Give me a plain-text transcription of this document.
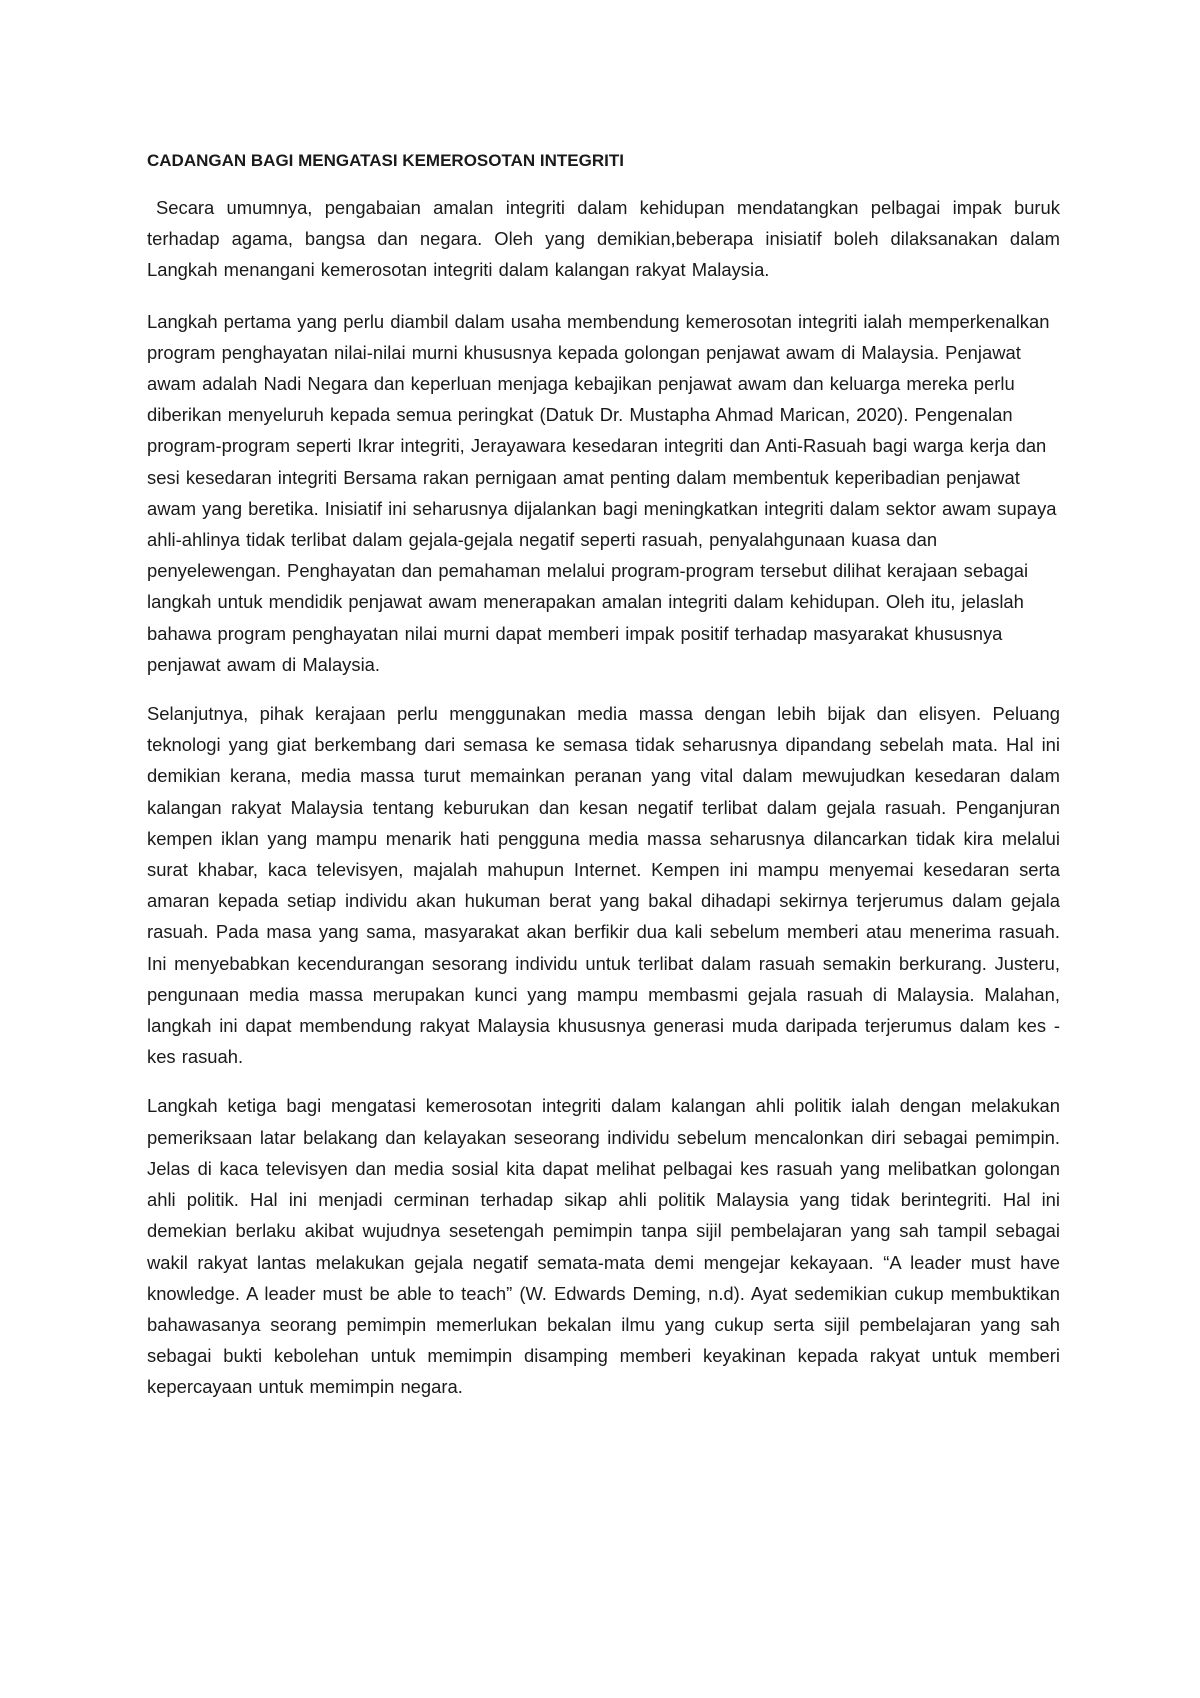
CADANGAN BAGI MENGATASI KEMEROSOTAN INTEGRITI

Secara umumnya, pengabaian amalan integriti dalam kehidupan mendatangkan pelbagai impak buruk terhadap agama, bangsa dan negara. Oleh yang demikian,beberapa inisiatif boleh dilaksanakan dalam Langkah menangani kemerosotan integriti dalam kalangan rakyat Malaysia.

Langkah pertama yang perlu diambil dalam usaha membendung kemerosotan integriti ialah memperkenalkan program penghayatan nilai-nilai murni khususnya kepada golongan penjawat awam di Malaysia. Penjawat awam adalah Nadi Negara dan keperluan menjaga kebajikan penjawat awam dan keluarga mereka perlu diberikan menyeluruh kepada semua peringkat (Datuk Dr. Mustapha Ahmad Marican, 2020). Pengenalan program-program seperti Ikrar integriti, Jerayawara kesedaran integriti dan Anti-Rasuah bagi warga kerja dan sesi kesedaran integriti Bersama rakan pernigaan amat penting dalam membentuk keperibadian penjawat awam yang beretika. Inisiatif ini seharusnya dijalankan bagi meningkatkan integriti dalam sektor awam supaya ahli-ahlinya tidak terlibat dalam gejala-gejala negatif seperti rasuah, penyalahgunaan kuasa dan penyelewengan. Penghayatan dan pemahaman melalui program-program tersebut dilihat kerajaan sebagai langkah untuk mendidik penjawat awam menerapakan amalan integriti dalam kehidupan. Oleh itu, jelaslah bahawa program penghayatan nilai murni dapat memberi impak positif terhadap masyarakat khususnya penjawat awam di Malaysia.

Selanjutnya, pihak kerajaan perlu menggunakan media massa dengan lebih bijak dan elisyen. Peluang teknologi yang giat berkembang dari semasa ke semasa tidak seharusnya dipandang sebelah mata. Hal ini demikian kerana, media massa turut memainkan peranan yang vital dalam mewujudkan kesedaran dalam kalangan rakyat Malaysia tentang keburukan dan kesan negatif terlibat dalam gejala rasuah. Penganjuran kempen iklan yang mampu menarik hati pengguna media massa seharusnya dilancarkan tidak kira melalui surat khabar, kaca televisyen, majalah mahupun Internet. Kempen ini mampu menyemai kesedaran serta amaran kepada setiap individu akan hukuman berat yang bakal dihadapi sekirnya terjerumus dalam gejala rasuah. Pada masa yang sama, masyarakat akan berfikir dua kali sebelum memberi atau menerima rasuah. Ini menyebabkan kecendurangan sesorang individu untuk terlibat dalam rasuah semakin berkurang. Justeru, pengunaan media massa merupakan kunci yang mampu membasmi gejala rasuah di Malaysia. Malahan, langkah ini dapat membendung rakyat Malaysia khususnya generasi muda daripada terjerumus dalam kes -kes rasuah.

Langkah ketiga bagi mengatasi kemerosotan integriti dalam kalangan ahli politik ialah dengan melakukan pemeriksaan latar belakang dan kelayakan seseorang individu sebelum mencalonkan diri sebagai pemimpin. Jelas di kaca televisyen dan media sosial kita dapat melihat pelbagai kes rasuah yang melibatkan golongan ahli politik. Hal ini menjadi cerminan terhadap sikap ahli politik Malaysia yang tidak berintegriti. Hal ini demekian berlaku akibat wujudnya sesetengah pemimpin tanpa sijil pembelajaran yang sah tampil sebagai wakil rakyat lantas melakukan gejala negatif semata-mata demi mengejar kekayaan. “A leader must have knowledge. A leader must be able to teach” (W. Edwards Deming, n.d). Ayat sedemikian cukup membuktikan bahawasanya seorang pemimpin memerlukan bekalan ilmu yang cukup serta sijil pembelajaran yang sah sebagai bukti kebolehan untuk memimpin disamping memberi keyakinan kepada rakyat untuk memberi kepercayaan untuk memimpin negara.
